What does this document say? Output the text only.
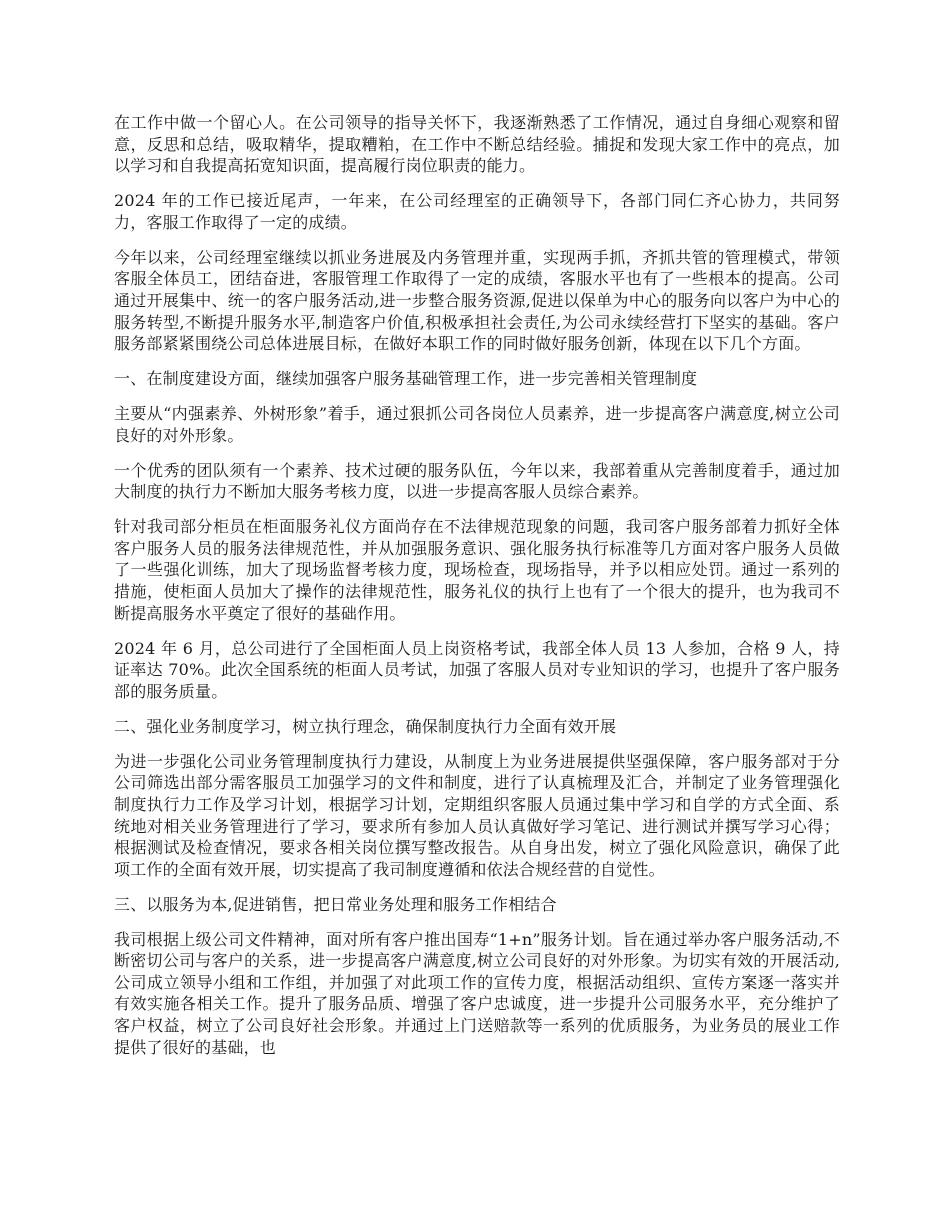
在工作中做一个留心人。在公司领导的指导关怀下，我逐渐熟悉了工作情况，通过自身细心观察和留意，反思和总结，吸取精华，提取糟粕，在工作中不断总结经验。捕捉和发现大家工作中的亮点，加以学习和自我提高拓宽知识面，提高履行岗位职责的能力。

2024 年的工作已接近尾声，一年来，在公司经理室的正确领导下，各部门同仁齐心协力，共同努力，客服工作取得了一定的成绩。

今年以来，公司经理室继续以抓业务进展及内务管理并重，实现两手抓，齐抓共管的管理模式，带领客服全体员工，团结奋进，客服管理工作取得了一定的成绩，客服水平也有了一些根本的提高。公司通过开展集中、统一的客户服务活动,进一步整合服务资源,促进以保单为中心的服务向以客户为中心的服务转型,不断提升服务水平,制造客户价值,积极承担社会责任,为公司永续经营打下坚实的基础。客户服务部紧紧围绕公司总体进展目标，在做好本职工作的同时做好服务创新，体现在以下几个方面。

一、在制度建设方面，继续加强客户服务基础管理工作，进一步完善相关管理制度

主要从“内强素养、外树形象”着手，通过狠抓公司各岗位人员素养，进一步提高客户满意度,树立公司良好的对外形象。

一个优秀的团队须有一个素养、技术过硬的服务队伍，今年以来，我部着重从完善制度着手，通过加大制度的执行力不断加大服务考核力度，以进一步提高客服人员综合素养。

针对我司部分柜员在柜面服务礼仪方面尚存在不法律规范现象的问题，我司客户服务部着力抓好全体客户服务人员的服务法律规范性，并从加强服务意识、强化服务执行标准等几方面对客户服务人员做了一些强化训练，加大了现场监督考核力度，现场检查，现场指导，并予以相应处罚。通过一系列的措施，使柜面人员加大了操作的法律规范性，服务礼仪的执行上也有了一个很大的提升，也为我司不断提高服务水平奠定了很好的基础作用。

2024 年 6 月，总公司进行了全国柜面人员上岗资格考试，我部全体人员 13 人参加，合格 9 人，持证率达 70%。此次全国系统的柜面人员考试，加强了客服人员对专业知识的学习，也提升了客户服务部的服务质量。

二、强化业务制度学习，树立执行理念，确保制度执行力全面有效开展

为进一步强化公司业务管理制度执行力建设，从制度上为业务进展提供坚强保障，客户服务部对于分公司筛选出部分需客服员工加强学习的文件和制度，进行了认真梳理及汇合，并制定了业务管理强化制度执行力工作及学习计划，根据学习计划，定期组织客服人员通过集中学习和自学的方式全面、系统地对相关业务管理进行了学习，要求所有参加人员认真做好学习笔记、进行测试并撰写学习心得；根据测试及检查情况，要求各相关岗位撰写整改报告。从自身出发，树立了强化风险意识，确保了此项工作的全面有效开展，切实提高了我司制度遵循和依法合规经营的自觉性。

三、以服务为本,促进销售，把日常业务处理和服务工作相结合

我司根据上级公司文件精神，面对所有客户推出国寿“1+n”服务计划。旨在通过举办客户服务活动,不断密切公司与客户的关系，进一步提高客户满意度,树立公司良好的对外形象。为切实有效的开展活动,公司成立领导小组和工作组，并加强了对此项工作的宣传力度，根据活动组织、宣传方案逐一落实并有效实施各相关工作。提升了服务品质、增强了客户忠诚度，进一步提升公司服务水平，充分维护了客户权益，树立了公司良好社会形象。并通过上门送赔款等一系列的优质服务，为业务员的展业工作提供了很好的基础，也
